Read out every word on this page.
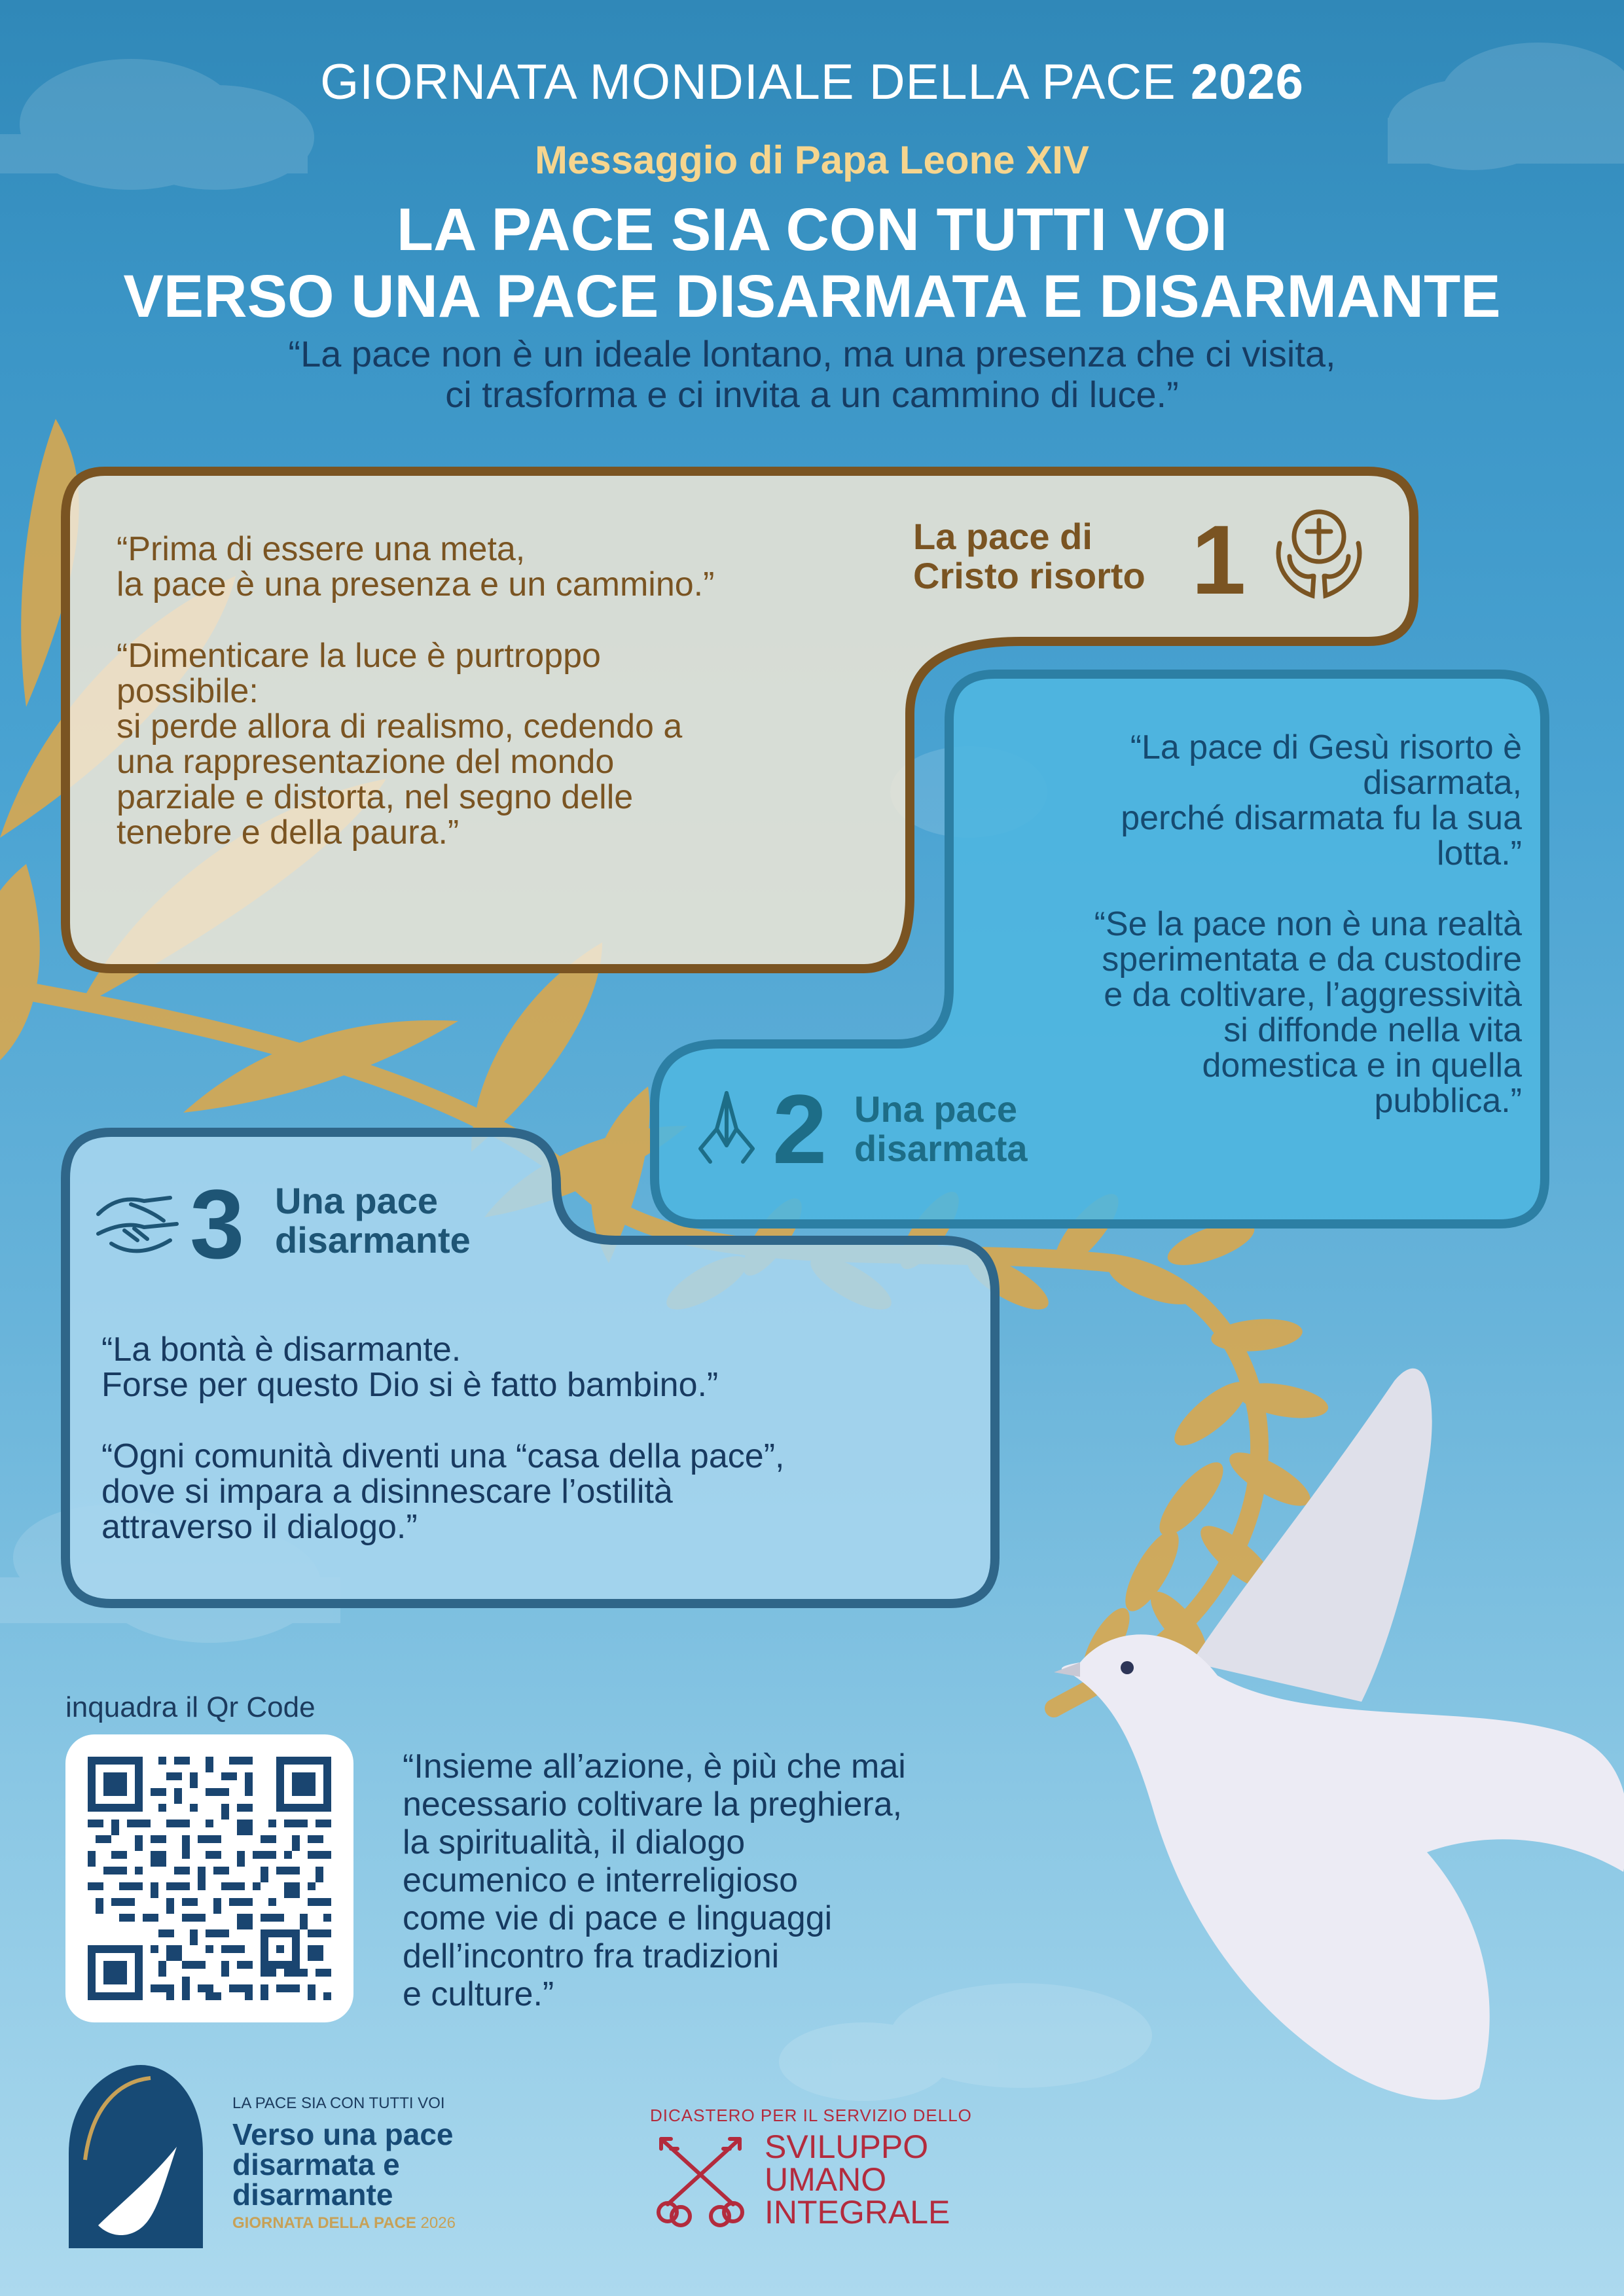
GIORNATA MONDIALE DELLA PACE 2026
Messaggio di Papa Leone XIV
LA PACE SIA CON TUTTI VOI
VERSO UNA PACE DISARMATA E DISARMANTE
“La pace non è un ideale lontano, ma una presenza che ci visita,
ci trasforma e ci invita a un cammino di luce.”
“Prima di essere una meta,
la pace è una presenza e un cammino.”
“Dimenticare la luce è purtroppo
possibile:
si perde allora di realismo, cedendo a
una rappresentazione del mondo
parziale e distorta, nel segno delle
tenebre e della paura.”
La pace di
Cristo risorto 1
“La pace di Gesù risorto è
disarmata,
perché disarmata fu la sua
lotta.”
“Se la pace non è una realtà
sperimentata e da custodire
e da coltivare, l’aggressività
si diffonde nella vita
domestica e in quella
pubblica.”
2 Una pace
disarmata
3 Una pace
disarmante
“La bontà è disarmante.
Forse per questo Dio si è fatto bambino.”
“Ogni comunità diventi una “casa della pace”,
dove si impara a disinnescare l’ostilità
attraverso il dialogo.”
inquadra il Qr Code
“Insieme all’azione, è più che mai
necessario coltivare la preghiera,
la spiritualità, il dialogo
ecumenico e interreligioso
come vie di pace e linguaggi
dell’incontro fra tradizioni
e culture.”
LA PACE SIA CON TUTTI VOI
Verso una pace
disarmata e
disarmante
GIORNATA DELLA PACE 2026
DICASTERO PER IL SERVIZIO DELLO
SVILUPPO
UMANO
INTEGRALE
